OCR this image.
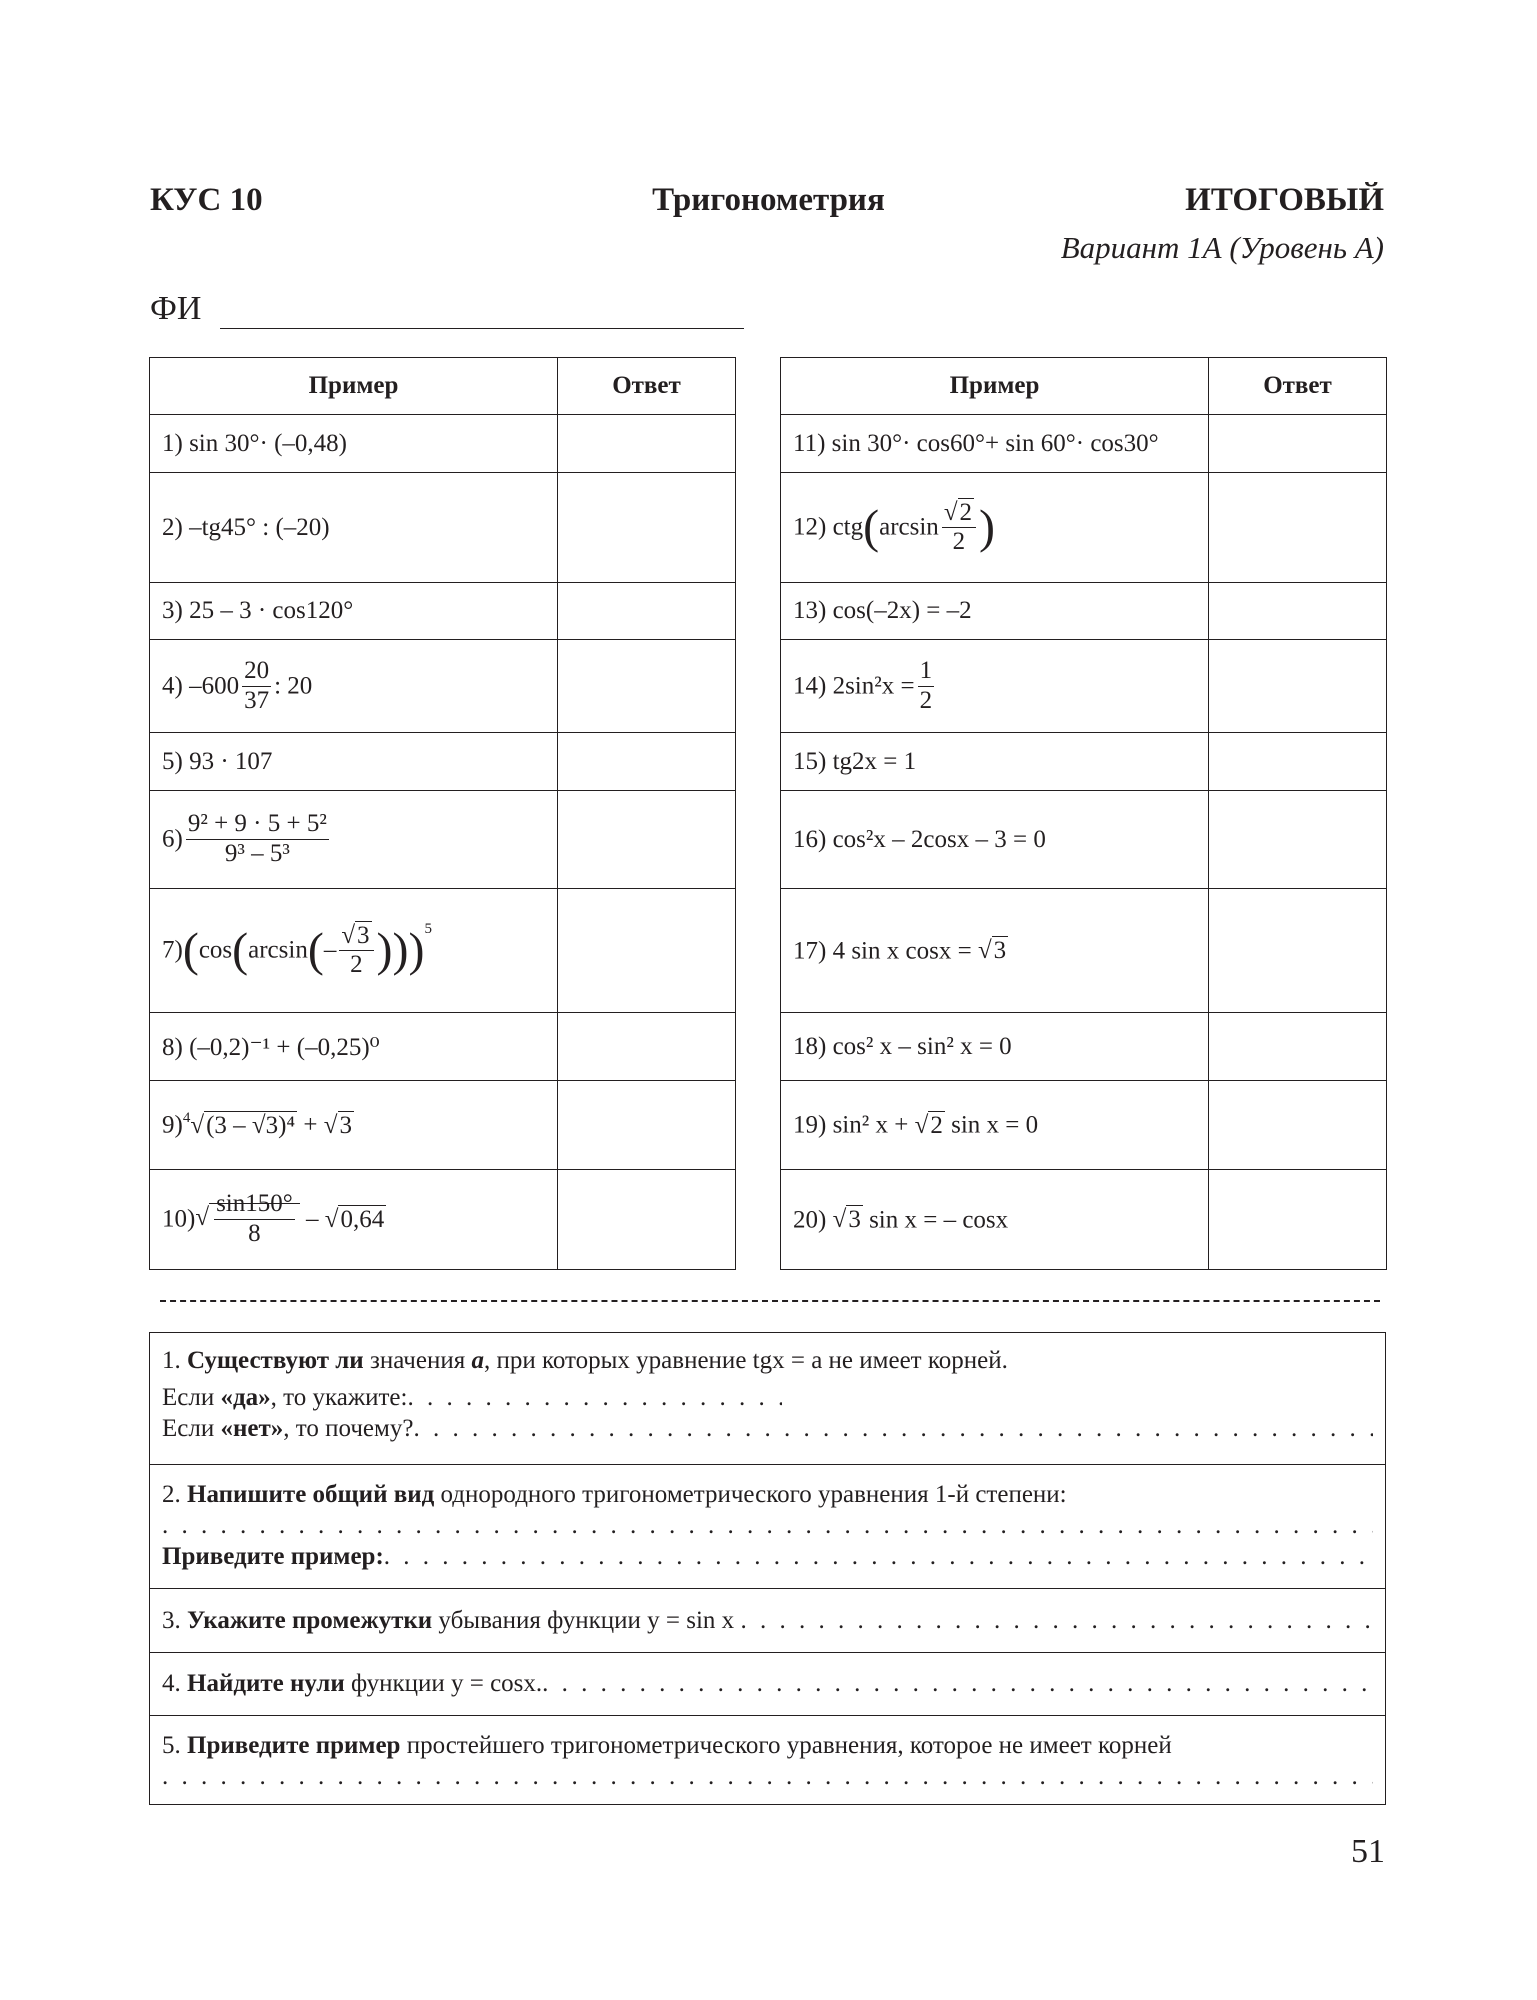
КУС 10	Тригонометрия	ИТОГОВЫЙ
Вариант 1А (Уровень А)
ФИ
Пример	Ответ
1) sin 30°· (–0,48)	
2) –tg45° : (–20)	
3) 25 – 3 · cos120°	
4) $-600 \frac{20}{37}$ : 20	
5) 93 · 107	
$6) \frac{\text{9² + 9 · 5 + 5²}}{\text{9³ – 5³}}$

7)(cos(arcsin(– √ $\frac{3}{2} )))^5$	
8) (–0,2)⁻¹ + (–0,25)⁰	
9)$^4$ √ (3 – √3)⁴ + √ 3	
10) √ $\frac{\sin 150^\circ}{8}$ – √ 0,64	
Пример	Ответ
11) sin 30°· cos60°+ sin 60°· cos30°	
12) ctg(arcsin √ $\frac{2}{2}$ )	
13) cos(–2x) = –2	
14) $2\sin^2x = \frac{1}{2}$

15) tg2x = 1	
16) cos²x – 2cosx – 3 = 0	
17) 4 sin x cosx = √ 3	
18) cos² x – sin² x = 0	
19) sin² x + √ 2 sin x = 0	
20) √ 3 sin x = – cosx	
1.
Существуют ли
значения
a , при которых уравнение tgx = a не имеет корней.
Если
«да» , то укажите:
. . .
Если
«нет» , то почему?
. . .
2.
Напишите общий вид
однородного тригонометрического уравнения 1-й степени:
. . .
Приведите пример:
. . .
3.
Укажите промежутки
убывания функции y = sin x

. . .
4.
Найдите нули
функции y = cosx.
. . .
5.
Приведите пример
простейшего тригонометрического уравнения, которое не имеет корней
. . .
51
